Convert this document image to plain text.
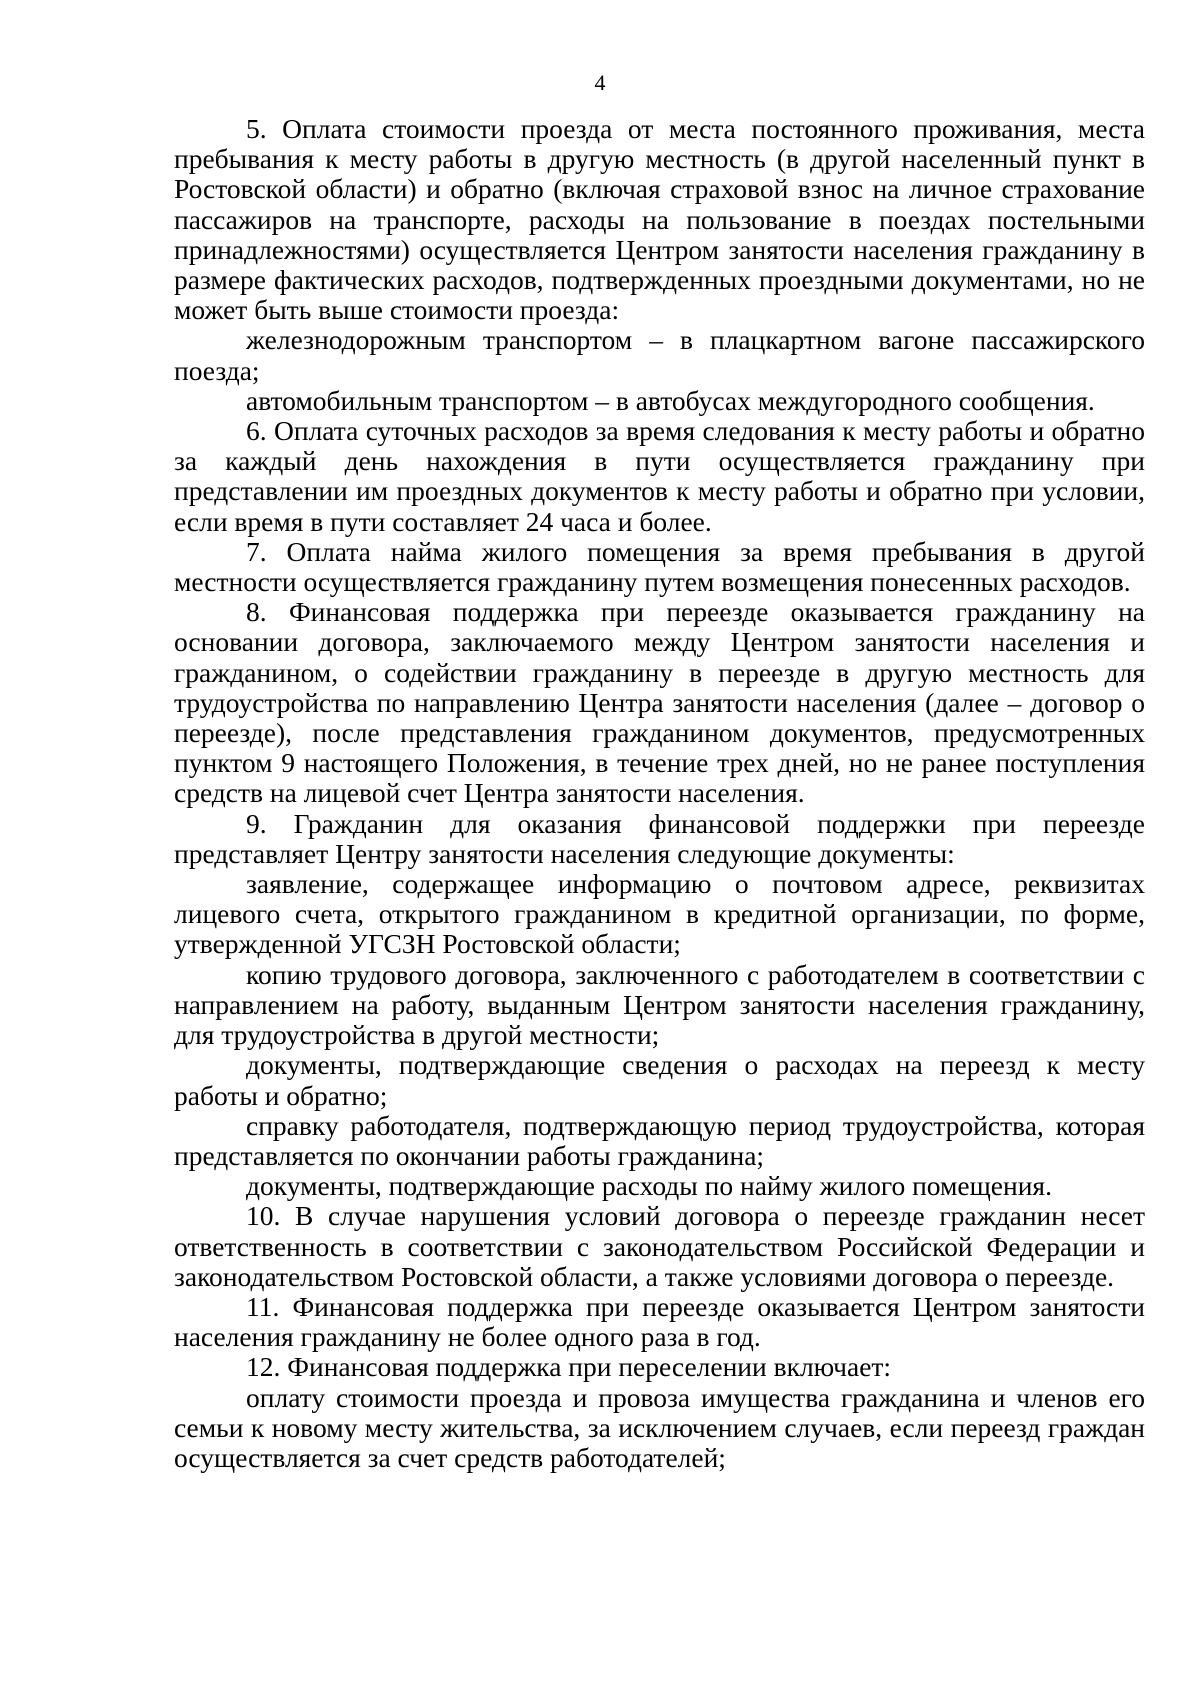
4

5. Оплата стоимости проезда от места постоянного проживания, места пребывания к месту работы в другую местность (в другой населенный пункт в Ростовской области) и обратно (включая страховой взнос на личное страхование пассажиров на транспорте, расходы на пользование в поездах постельными принадлежностями) осуществляется Центром занятости населения гражданину в размере фактических расходов, подтвержденных проездными документами, но не может быть выше стоимости проезда:

железнодорожным транспортом – в плацкартном вагоне пассажирского поезда;

автомобильным транспортом – в автобусах междугородного сообщения.

6. Оплата суточных расходов за время следования к месту работы и обратно за каждый день нахождения в пути осуществляется гражданину при представлении им проездных документов к месту работы и обратно при условии, если время в пути составляет 24 часа и более.

7. Оплата найма жилого помещения за время пребывания в другой местности осуществляется гражданину путем возмещения понесенных расходов.

8. Финансовая поддержка при переезде оказывается гражданину на основании договора, заключаемого между Центром занятости населения и гражданином, о содействии гражданину в переезде в другую местность для трудоустройства по направлению Центра занятости населения (далее – договор о переезде), после представления гражданином документов, предусмотренных пунктом 9 настоящего Положения, в течение трех дней, но не ранее поступления средств на лицевой счет Центра занятости населения.

9. Гражданин для оказания финансовой поддержки при переезде представляет Центру занятости населения следующие документы:

заявление, содержащее информацию о почтовом адресе, реквизитах лицевого счета, открытого гражданином в кредитной организации, по форме, утвержденной УГСЗН Ростовской области;

копию трудового договора, заключенного с работодателем в соответствии с направлением на работу, выданным Центром занятости населения гражданину, для трудоустройства в другой местности;

документы, подтверждающие сведения о расходах на переезд к месту работы и обратно;

справку работодателя, подтверждающую период трудоустройства, которая представляется по окончании работы гражданина;

документы, подтверждающие расходы по найму жилого помещения.

10. В случае нарушения условий договора о переезде гражданин несет ответственность в соответствии с законодательством Российской Федерации и законодательством Ростовской области, а также условиями договора о переезде.

11. Финансовая поддержка при переезде оказывается Центром занятости населения гражданину не более одного раза в год.

12. Финансовая поддержка при переселении включает:

оплату стоимости проезда и провоза имущества гражданина и членов его семьи к новому месту жительства, за исключением случаев, если переезд граждан осуществляется за счет средств работодателей;
